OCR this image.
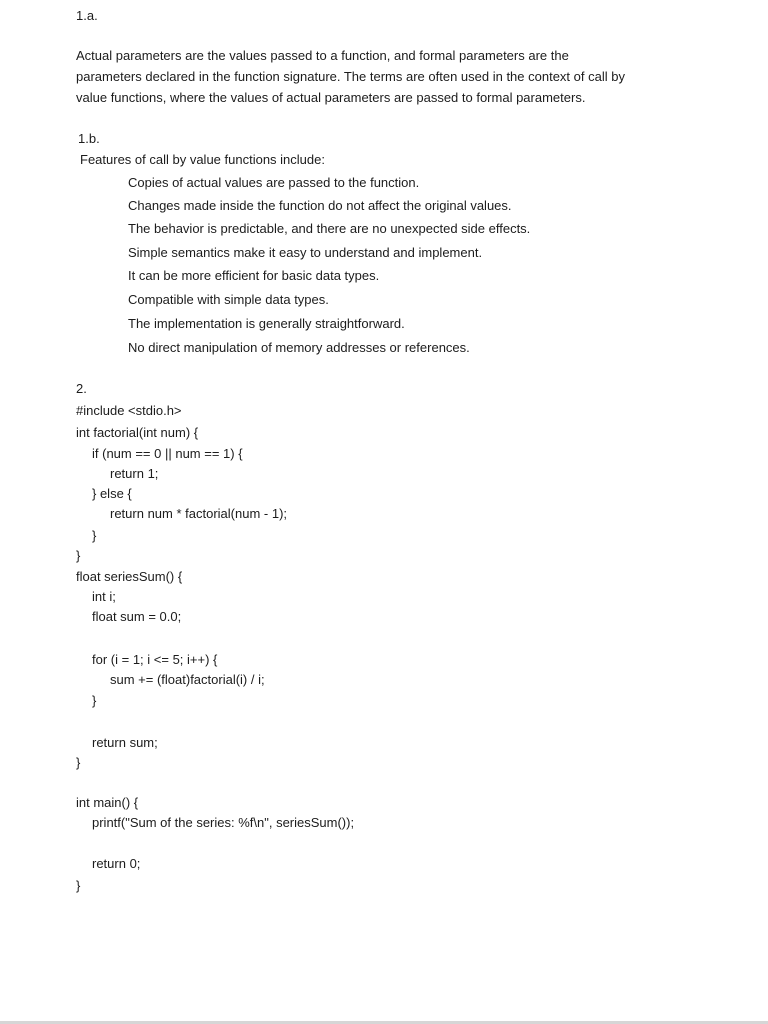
1.a.
Actual parameters are the values passed to a function, and formal parameters are the
parameters declared in the function signature. The terms are often used in the context of call by
value functions, where the values of actual parameters are passed to formal parameters.
1.b.
Features of call by value functions include:
Copies of actual values are passed to the function.
Changes made inside the function do not affect the original values.
The behavior is predictable, and there are no unexpected side effects.
Simple semantics make it easy to understand and implement.
It can be more efficient for basic data types.
Compatible with simple data types.
The implementation is generally straightforward.
No direct manipulation of memory addresses or references.
2.
#include <stdio.h>
int factorial(int num) {
if (num == 0 || num == 1) {
return 1;
} else {
return num * factorial(num - 1);
}
}
float seriesSum() {
int i;
float sum = 0.0;
for (i = 1; i <= 5; i++) {
sum += (float)factorial(i) / i;
}
return sum;
}
int main() {
printf("Sum of the series: %f\n", seriesSum());
return 0;
}
